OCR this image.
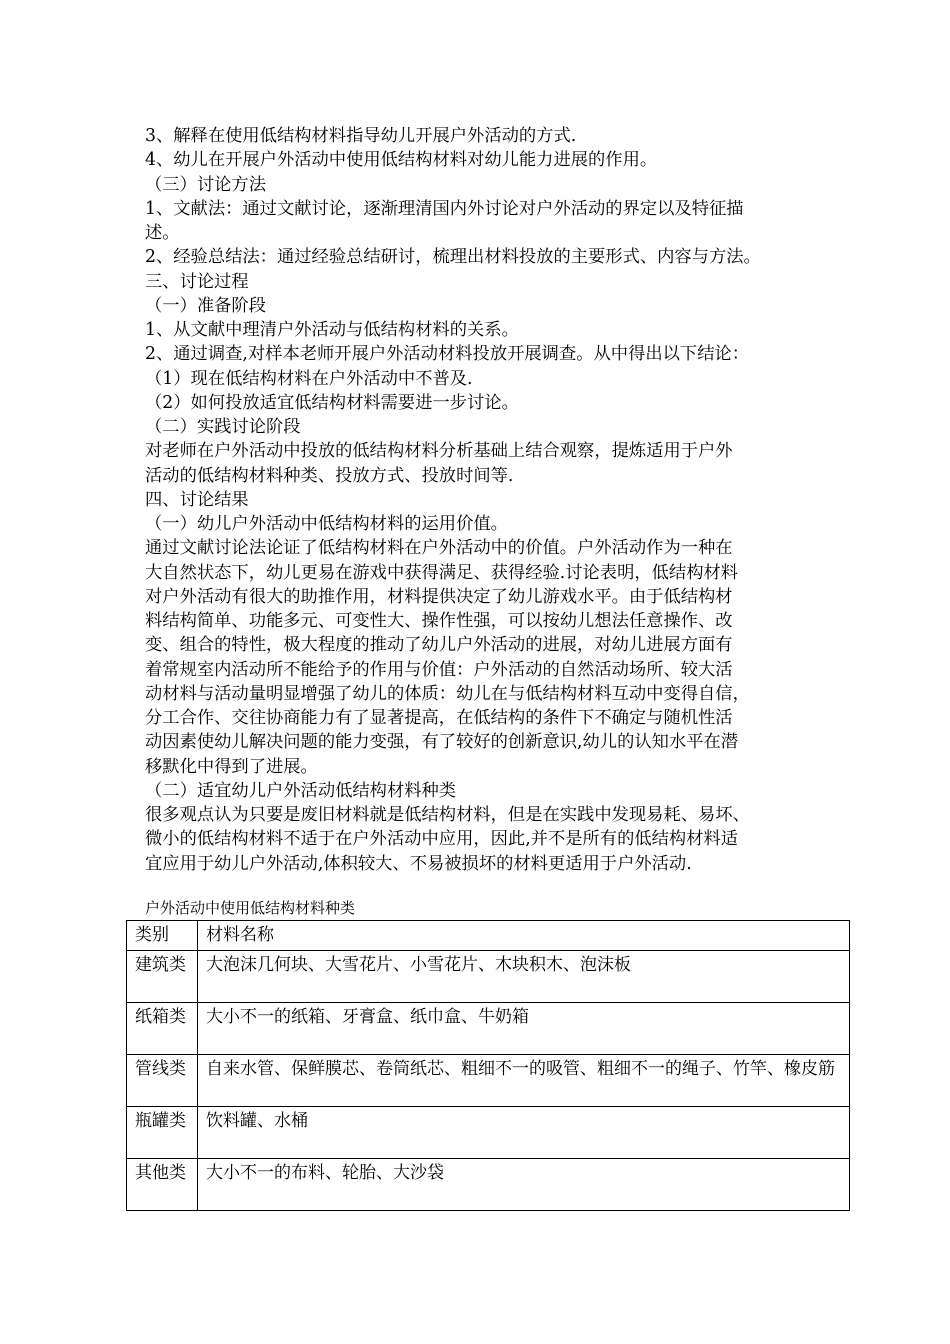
3、解释在使用低结构材料指导幼儿开展户外活动的方式.
4、幼儿在开展户外活动中使用低结构材料对幼儿能力进展的作用。
（三）讨论方法
1、文献法：通过文献讨论，逐渐理清国内外讨论对户外活动的界定以及特征描
述。
2、经验总结法：通过经验总结研讨，梳理出材料投放的主要形式、内容与方法。
三、讨论过程
（一）准备阶段
1、从文献中理清户外活动与低结构材料的关系。
2、通过调查,对样本老师开展户外活动材料投放开展调查。从中得出以下结论：
（1）现在低结构材料在户外活动中不普及.
（2）如何投放适宜低结构材料需要进一步讨论。
（二）实践讨论阶段
对老师在户外活动中投放的低结构材料分析基础上结合观察，提炼适用于户外
活动的低结构材料种类、投放方式、投放时间等.
四、讨论结果
（一）幼儿户外活动中低结构材料的运用价值。
通过文献讨论法论证了低结构材料在户外活动中的价值。户外活动作为一种在
大自然状态下，幼儿更易在游戏中获得满足、获得经验.讨论表明，低结构材料
对户外活动有很大的助推作用，材料提供决定了幼儿游戏水平。由于低结构材
料结构简单、功能多元、可变性大、操作性强，可以按幼儿想法任意操作、改
变、组合的特性，极大程度的推动了幼儿户外活动的进展，对幼儿进展方面有
着常规室内活动所不能给予的作用与价值：户外活动的自然活动场所、较大活
动材料与活动量明显增强了幼儿的体质：幼儿在与低结构材料互动中变得自信，
分工合作、交往协商能力有了显著提高，在低结构的条件下不确定与随机性活
动因素使幼儿解决问题的能力变强，有了较好的创新意识,幼儿的认知水平在潜
移默化中得到了进展。
（二）适宜幼儿户外活动低结构材料种类
很多观点认为只要是废旧材料就是低结构材料，但是在实践中发现易耗、易坏、
微小的低结构材料不适于在户外活动中应用，因此,并不是所有的低结构材料适
宜应用于幼儿户外活动,体积较大、不易被损坏的材料更适用于户外活动.
户外活动中使用低结构材料种类
类别	材料名称
建筑类	大泡沫几何块、大雪花片、小雪花片、木块积木、泡沫板
纸箱类	大小不一的纸箱、牙膏盒、纸巾盒、牛奶箱
管线类	自来水管、保鲜膜芯、卷筒纸芯、粗细不一的吸管、粗细不一的绳子、竹竿、橡皮筋
瓶罐类	饮料罐、水桶
其他类	大小不一的布料、轮胎、大沙袋
